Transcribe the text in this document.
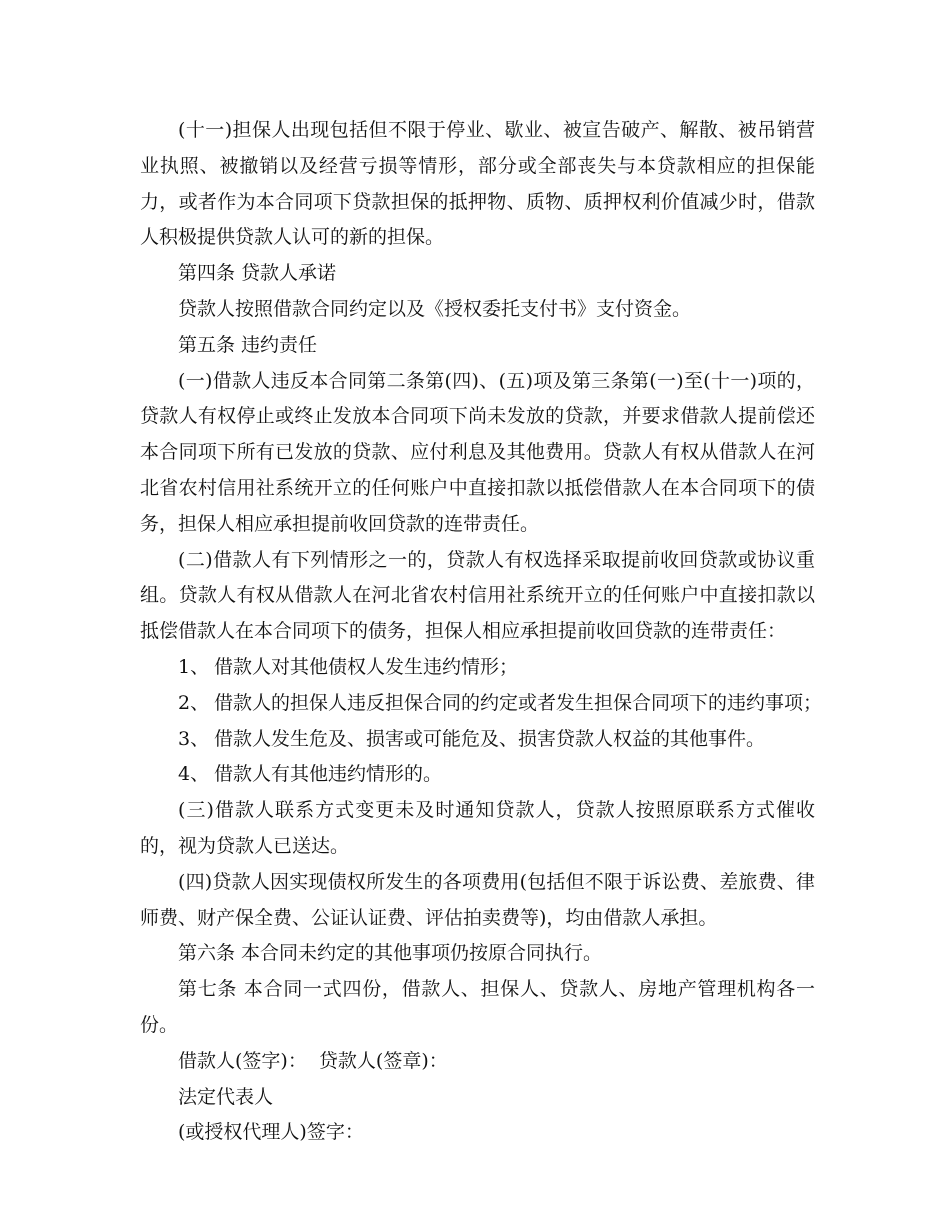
(十一)担保人出现包括但不限于停业、歇业、被宣告破产、解散、被吊销营业执照、被撤销以及经营亏损等情形，部分或全部丧失与本贷款相应的担保能力，或者作为本合同项下贷款担保的抵押物、质物、质押权利价值减少时，借款人积极提供贷款人认可的新的担保。

第四条 贷款人承诺

贷款人按照借款合同约定以及《授权委托支付书》支付资金。

第五条 违约责任

(一)借款人违反本合同第二条第(四)、(五)项及第三条第(一)至(十一)项的，贷款人有权停止或终止发放本合同项下尚未发放的贷款，并要求借款人提前偿还本合同项下所有已发放的贷款、应付利息及其他费用。贷款人有权从借款人在河北省农村信用社系统开立的任何账户中直接扣款以抵偿借款人在本合同项下的债务，担保人相应承担提前收回贷款的连带责任。

(二)借款人有下列情形之一的，贷款人有权选择采取提前收回贷款或协议重组。贷款人有权从借款人在河北省农村信用社系统开立的任何账户中直接扣款以抵偿借款人在本合同项下的债务，担保人相应承担提前收回贷款的连带责任：

1、 借款人对其他债权人发生违约情形；

2、 借款人的担保人违反担保合同的约定或者发生担保合同项下的违约事项；

3、 借款人发生危及、损害或可能危及、损害贷款人权益的其他事件。

4、 借款人有其他违约情形的。

(三)借款人联系方式变更未及时通知贷款人，贷款人按照原联系方式催收的，视为贷款人已送达。

(四)贷款人因实现债权所发生的各项费用(包括但不限于诉讼费、差旅费、律师费、财产保全费、公证认证费、评估拍卖费等)，均由借款人承担。

第六条 本合同未约定的其他事项仍按原合同执行。

第七条 本合同一式四份，借款人、担保人、贷款人、房地产管理机构各一份。

借款人(签字)：  贷款人(签章)：

法定代表人

(或授权代理人)签字：
